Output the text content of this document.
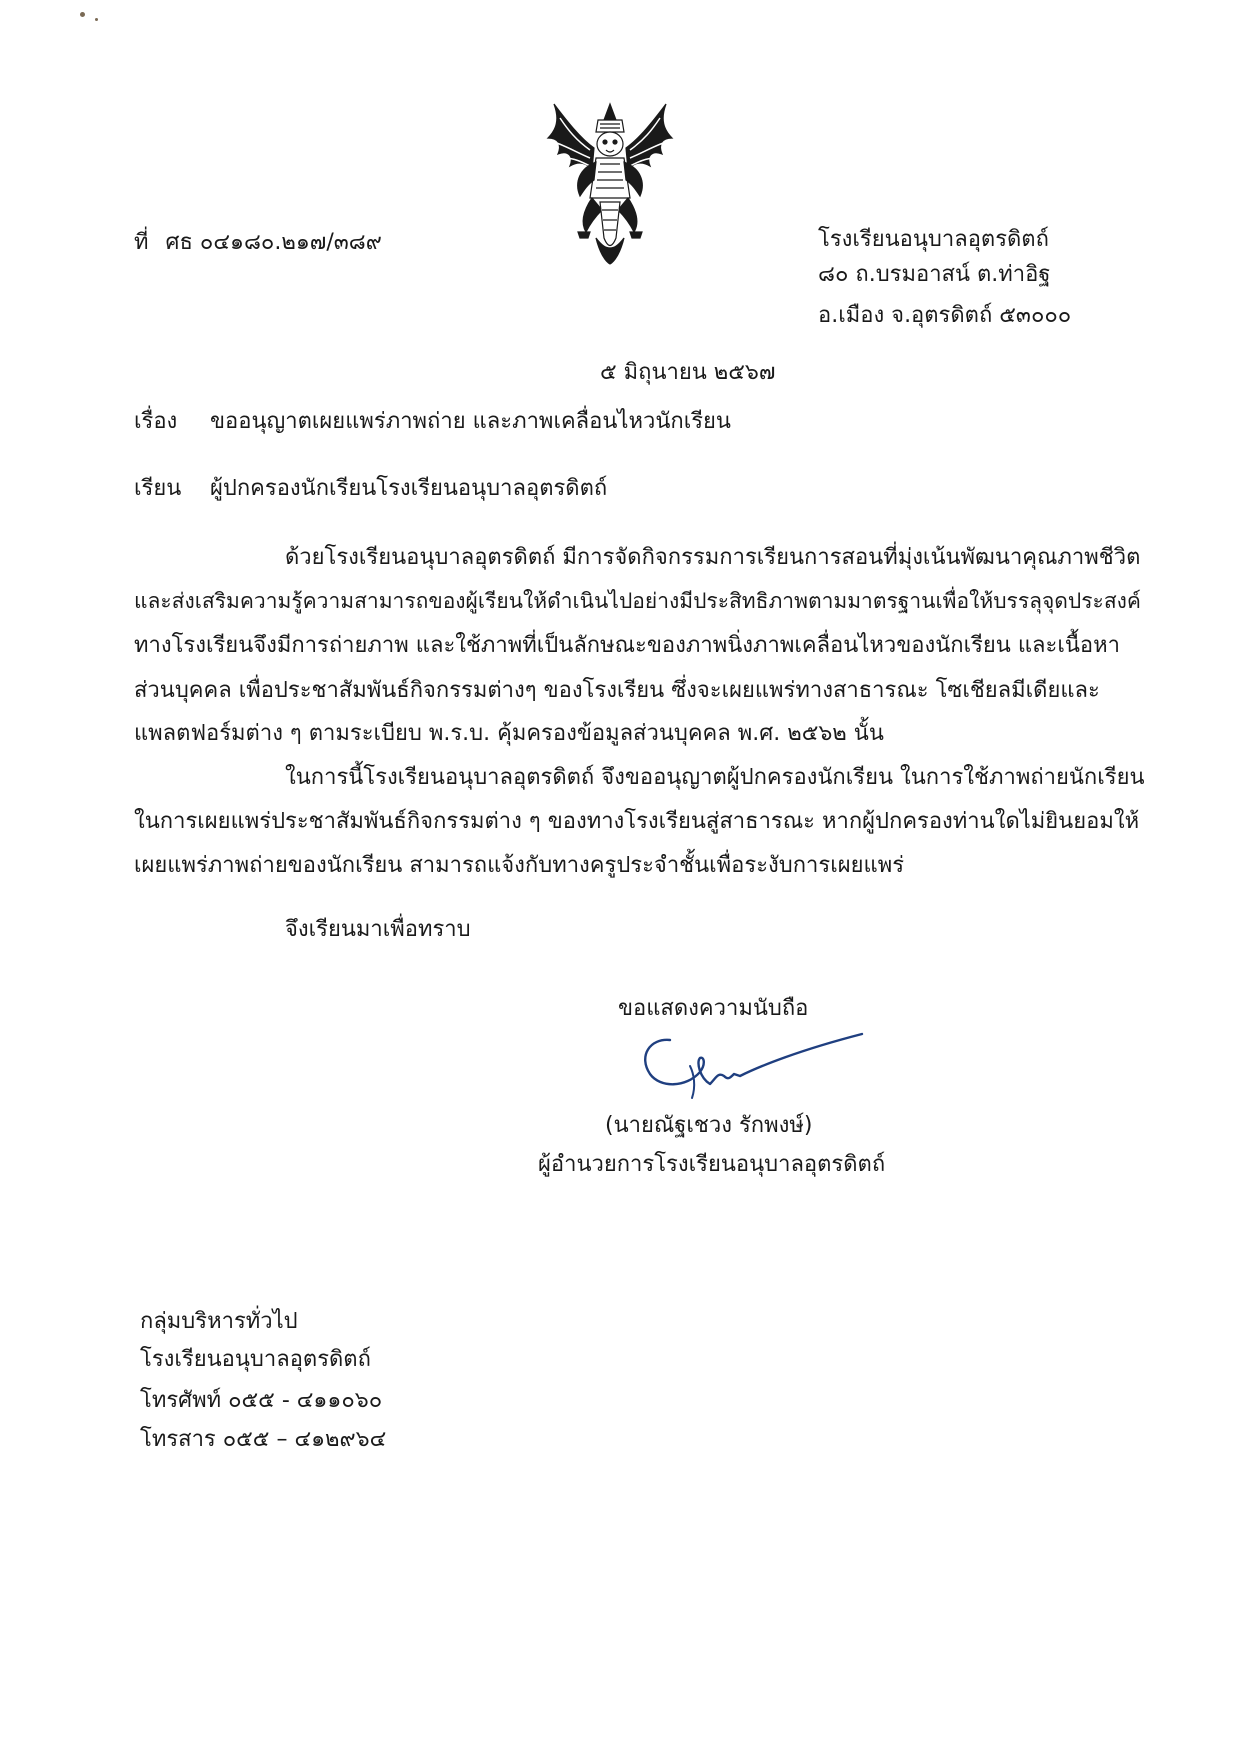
ที่ ศธ ๐๔๑๘๐.๒๑๗/๓๘๙	โรงเรียนอนุบาลอุตรดิตถ์
๘๐ ถ.บรมอาสน์ ต.ท่าอิฐ
อ.เมือง จ.อุตรดิตถ์ ๕๓๐๐๐
๕ มิถุนายน ๒๕๖๗
เรื่อง ขออนุญาตเผยแพร่ภาพถ่าย และภาพเคลื่อนไหวนักเรียน
เรียน ผู้ปกครองนักเรียนโรงเรียนอนุบาลอุตรดิตถ์
ด้วยโรงเรียนอนุบาลอุตรดิตถ์ มีการจัดกิจกรรมการเรียนการสอนที่มุ่งเน้นพัฒนาคุณภาพชีวิต
และส่งเสริมความรู้ความสามารถของผู้เรียนให้ดำเนินไปอย่างมีประสิทธิภาพตามมาตรฐานเพื่อให้บรรลุจุดประสงค์
ทางโรงเรียนจึงมีการถ่ายภาพ และใช้ภาพที่เป็นลักษณะของภาพนิ่งภาพเคลื่อนไหวของนักเรียน และเนื้อหา
ส่วนบุคคล เพื่อประชาสัมพันธ์กิจกรรมต่างๆ ของโรงเรียน ซึ่งจะเผยแพร่ทางสาธารณะ โซเชียลมีเดียและ
แพลตฟอร์มต่าง ๆ ตามระเบียบ พ.ร.บ. คุ้มครองข้อมูลส่วนบุคคล พ.ศ. ๒๕๖๒ นั้น
ในการนี้โรงเรียนอนุบาลอุตรดิตถ์ จึงขออนุญาตผู้ปกครองนักเรียน ในการใช้ภาพถ่ายนักเรียน
ในการเผยแพร่ประชาสัมพันธ์กิจกรรมต่าง ๆ ของทางโรงเรียนสู่สาธารณะ หากผู้ปกครองท่านใดไม่ยินยอมให้
เผยแพร่ภาพถ่ายของนักเรียน สามารถแจ้งกับทางครูประจำชั้นเพื่อระงับการเผยแพร่
จึงเรียนมาเพื่อทราบ
ขอแสดงความนับถือ
(นายณัฐเชวง รักพงษ์)
ผู้อำนวยการโรงเรียนอนุบาลอุตรดิตถ์
กลุ่มบริหารทั่วไป
โรงเรียนอนุบาลอุตรดิตถ์
โทรศัพท์ ๐๕๕ - ๔๑๑๐๖๐
โทรสาร ๐๕๕ – ๔๑๒๙๖๔
